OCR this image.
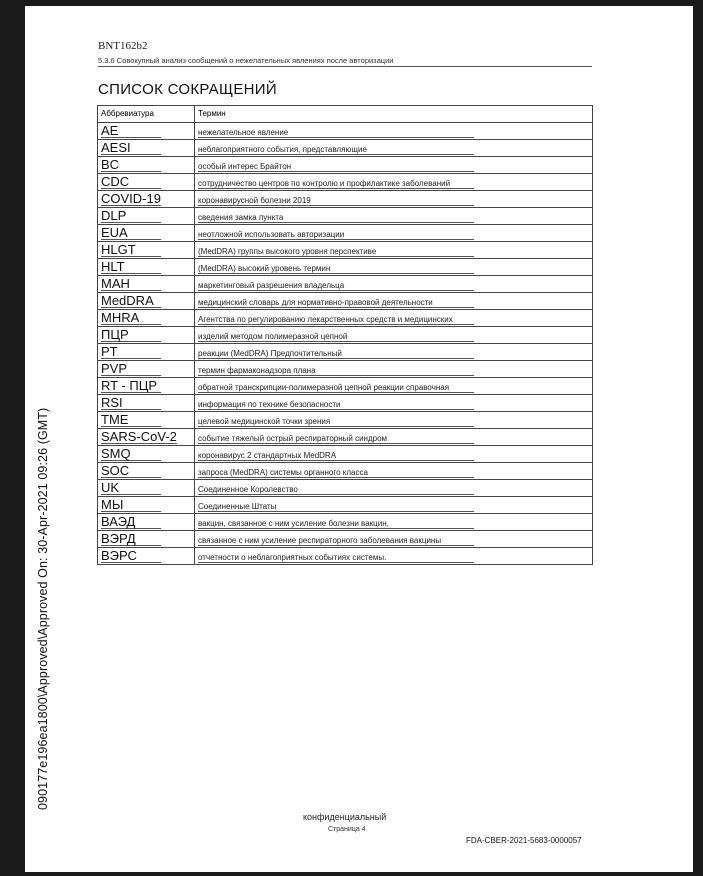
090177e196ea1800\Approved\Approved On: 30-Apr-2021 09:26 (GMT)
BNT162b2
5.3.6 Совокупный анализ сообщений о нежелательных явлениях после авторизации
СПИСОК СОКРАЩЕНИЙ
Аббревиатура	Термин
AE	нежелательное явление
AESI	неблагоприятного события, представляющие
BC	особый интерес Брайтон
CDC	сотрудничество центров по контролю и профилактике заболеваний
COVID-19	коронавирусной болезни 2019
DLP	сведения замка пункта
EUA	неотложной использовать авторизации
HLGT	(MedDRA) группы высокого уровня перспективе
HLT	(MedDRA) высокий уровень термин
MAH	маркетинговый разрешения владельца
MedDRA	медицинский словарь для нормативно-правовой деятельности
MHRA	Агентства по регулированию лекарственных средств и медицинских
ПЦР	изделий методом полимеразной цепной
PT	реакции (MedDRA) Предпочтительный
PVP	термин фармаконадзора плана
RT - ПЦР	обратной транскрипции-полимеразной цепной реакции справочная
RSI	информация по технике безопасности
TME	целевой медицинской точки зрения
SARS-CoV-2	событие тяжелый острый респираторный синдром
SMQ	коронавирус 2 стандартных MedDRA
SOC	запроса (MedDRA) системы органного класса
UK	Соединенное Королевство
МЫ	Соединенные Штаты
ВАЭД	вакцин, связанное с ним усиление болезни вакцин,
ВЭРД	связанное с ним усиление респираторного заболевания вакцины
ВЭРС	отчетности о неблагоприятных событиях системы.
конфиденциальный
Страница 4
FDA-CBER-2021-5683-0000057
